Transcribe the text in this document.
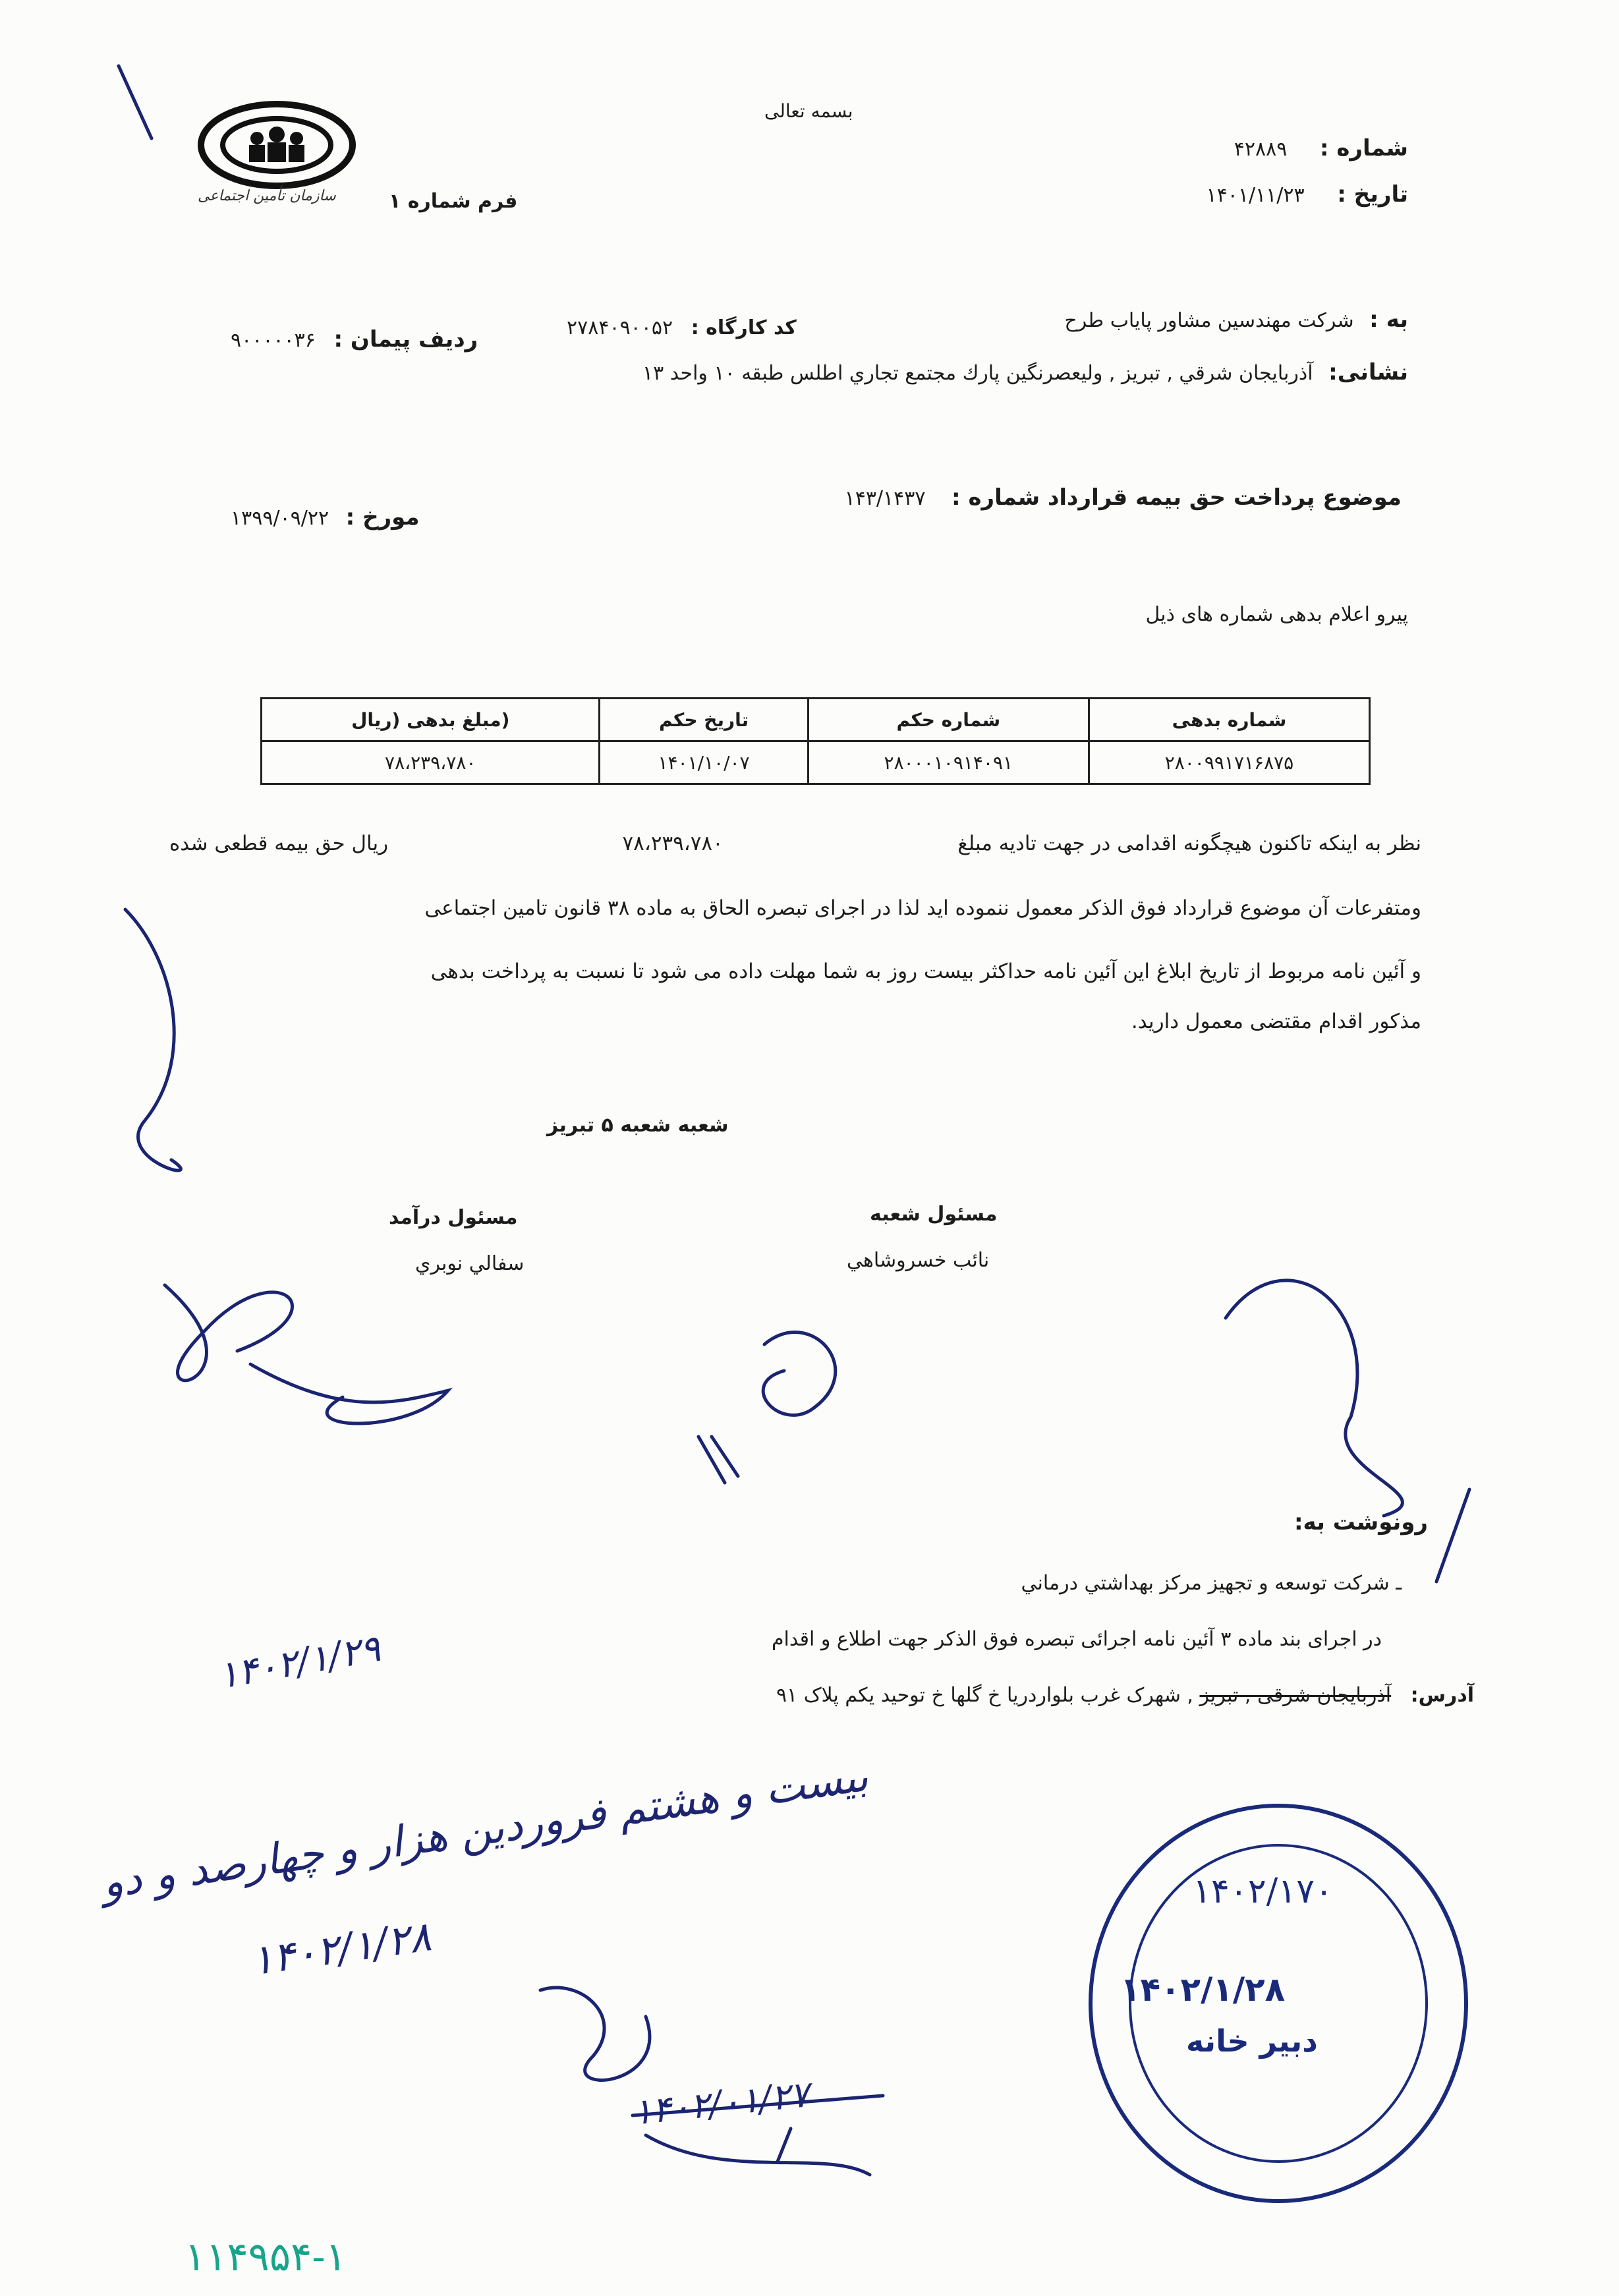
سازمان تأمین اجتماعی	فرم شماره ۱
بسمه تعالی
شماره : ۴۲۸۸۹
تاریخ : ۱۴۰۱/۱۱/۲۳
به : شرکت مهندسین مشاور پایاب طرح
کد کارگاه : ۲۷۸۴۰۹۰۰۵۲
ردیف پیمان : ۹۰۰۰۰۰۳۶
نشانی: آذربایجان شرقي , تبريز , وليعصرنگين پارك مجتمع تجاري اطلس طبقه ۱۰ واحد ۱۳
موضوع پرداخت حق بیمه قرارداد شماره : ۱۴۳/۱۴۳۷
مورخ : ۱۳۹۹/۰۹/۲۲
پیرو اعلام بدهی شماره های ذیل
شماره بدهی	شماره حکم	تاریخ حکم	(مبلغ بدهی (ریال
۲۸۰۰۹۹۱۷۱۶۸۷۵	۲۸۰۰۰۱۰۹۱۴۰۹۱	۱۴۰۱/۱۰/۰۷	۷۸،۲۳۹،۷۸۰
نظر به اینکه تاکنون هیچگونه اقدامی در جهت تادیه مبلغ
۷۸،۲۳۹،۷۸۰
ریال حق بیمه قطعی شده
ومتفرعات آن موضوع قرارداد فوق الذکر معمول ننموده اید لذا در اجرای تبصره الحاق به ماده ۳۸ قانون تامین اجتماعی
و آئین نامه مربوط از تاریخ ابلاغ این آئین نامه حداکثر بیست روز به شما مهلت داده می شود تا نسبت به پرداخت بدهی
مذکور اقدام مقتضی معمول دارید.
شعبه شعبه ۵ تبریز
مسئول درآمد
سفالي نوبري
مسئول شعبه
نائب خسروشاهي
رونوشت به:
ـ شرکت توسعه و تجهیز مرکز بهداشتي درماني
در اجرای بند ماده ۳ آئین نامه اجرائی تبصره فوق الذکر جهت اطلاع و اقدام
آدرس: آذربایجان شرقی , تبریز , شهرک غرب بلواردریا خ گلها خ توحید یکم پلاک ۹۱
۱۴۰۲/۱۷۰
۱۴۰۲/۱/۲۸
دبیر خانه
بیست و هشتم فروردین هزار و چهارصد و دو
۱۴۰۲/۱/۲۸
۱۴۰۲/۱/۲۹
۱۴۰۲/۰۱/۲۷
۱۱۴۹۵۴-۱
